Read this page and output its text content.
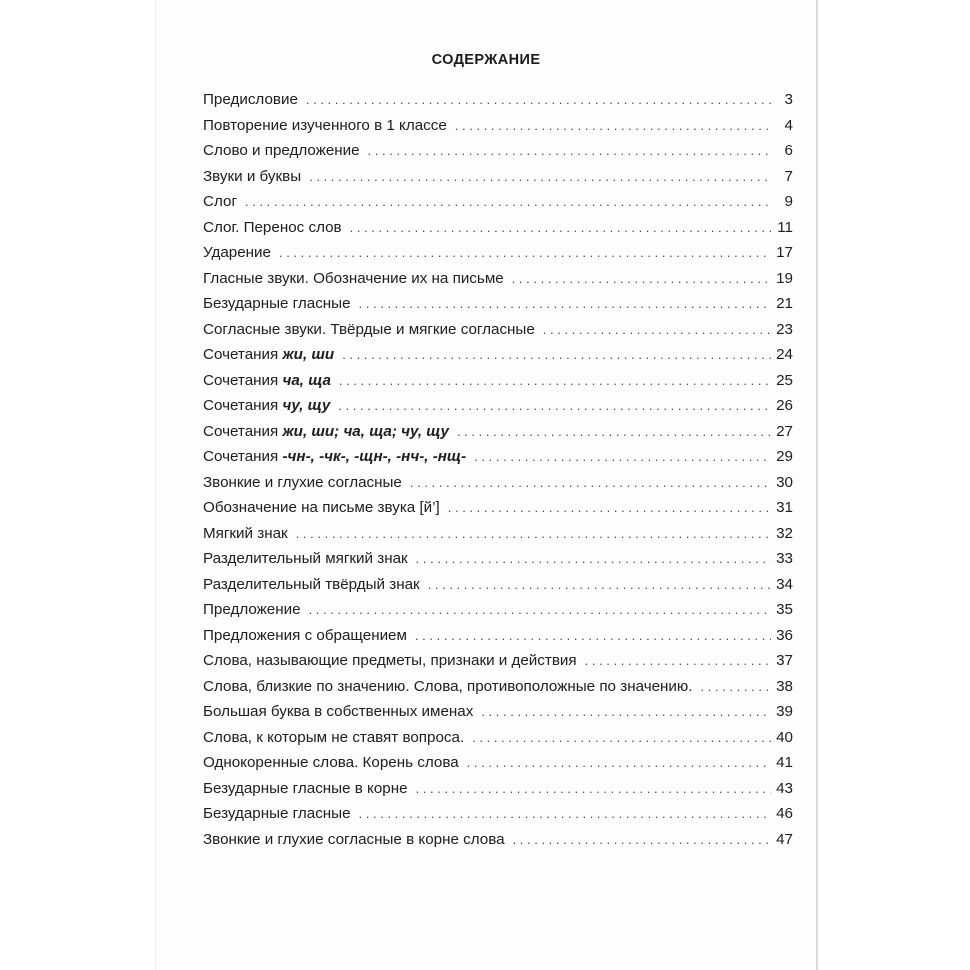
СОДЕРЖАНИЕ
Предисловие . . .	3
Повторение изученного в 1 классе . . .	4
Слово и предложение . . .	6
Звуки и буквы . . .	7
Слог . . .	9
Слог. Перенос слов . . .	11
Ударение . . .	17
Гласные звуки. Обозначение их на письме . . .	19
Безударные гласные . . .	21
Согласные звуки. Твёрдые и мягкие согласные . . .	23
Сочетания жи, ши . . .	24
Сочетания ча, ща . . .	25
Сочетания чу, щу . . .	26
Сочетания жи, ши; ча, ща; чу, щу . . .	27
Сочетания -чн-, -чк-, -щн-, -нч-, -нщ- . . .	29
Звонкие и глухие согласные . . .	30
Обозначение на письме звука [й’] . . .	31
Мягкий знак . . .	32
Разделительный мягкий знак . . .	33
Разделительный твёрдый знак . . .	34
Предложение . . .	35
Предложения с обращением . . .	36
Слова, называющие предметы, признаки и действия . . .	37
Слова, близкие по значению. Слова, противоположные по значению. . . .	38
Большая буква в собственных именах . . .	39
Слова, к которым не ставят вопроса. . . .	40
Однокоренные слова. Корень слова . . .	41
Безударные гласные в корне . . .	43
Безударные гласные . . .	46
Звонкие и глухие согласные в корне слова . . .	47
